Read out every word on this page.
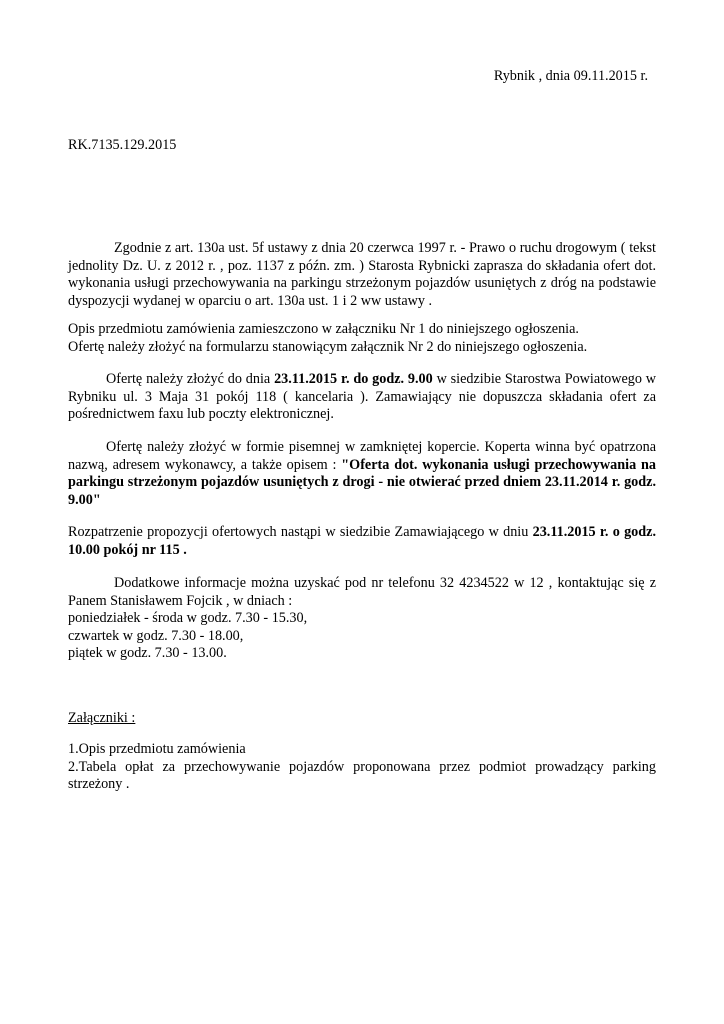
Rybnik , dnia 09.11.2015 r.

RK.7135.129.2015

Zgodnie z art. 130a ust. 5f ustawy z dnia 20 czerwca 1997 r. - Prawo o ruchu drogowym ( tekst jednolity Dz. U. z 2012 r. , poz. 1137 z późn. zm. ) Starosta Rybnicki zaprasza do składania ofert dot. wykonania usługi przechowywania na parkingu strzeżonym pojazdów usuniętych z dróg na podstawie dyspozycji wydanej w oparciu o art. 130a ust. 1 i 2 ww ustawy .

Opis przedmiotu zamówienia zamieszczono w załączniku Nr 1 do niniejszego ogłoszenia.
Ofertę należy złożyć na formularzu stanowiącym załącznik Nr 2 do niniejszego ogłoszenia.

Ofertę należy złożyć do dnia 23.11.2015 r. do godz. 9.00 w siedzibie Starostwa Powiatowego w Rybniku ul. 3 Maja 31 pokój 118 ( kancelaria ). Zamawiający nie dopuszcza składania ofert za pośrednictwem faxu lub poczty elektronicznej.

Ofertę należy złożyć w formie pisemnej w zamkniętej kopercie. Koperta winna być opatrzona nazwą, adresem wykonawcy, a także opisem : "Oferta dot. wykonania usługi przechowywania na parkingu strzeżonym pojazdów usuniętych z drogi - nie otwierać przed dniem 23.11.2014 r. godz. 9.00"

Rozpatrzenie propozycji ofertowych nastąpi w siedzibie Zamawiającego w dniu 23.11.2015 r. o godz. 10.00 pokój nr 115 .

Dodatkowe informacje można uzyskać pod nr telefonu 32 4234522 w 12 , kontaktując się z Panem Stanisławem Fojcik , w dniach :
poniedziałek - środa w godz. 7.30 - 15.30,
czwartek w godz. 7.30 - 18.00,
piątek w godz. 7.30 - 13.00.

Załączniki :

1.Opis przedmiotu zamówienia
2.Tabela opłat za przechowywanie pojazdów proponowana przez podmiot prowadzący parking strzeżony .
